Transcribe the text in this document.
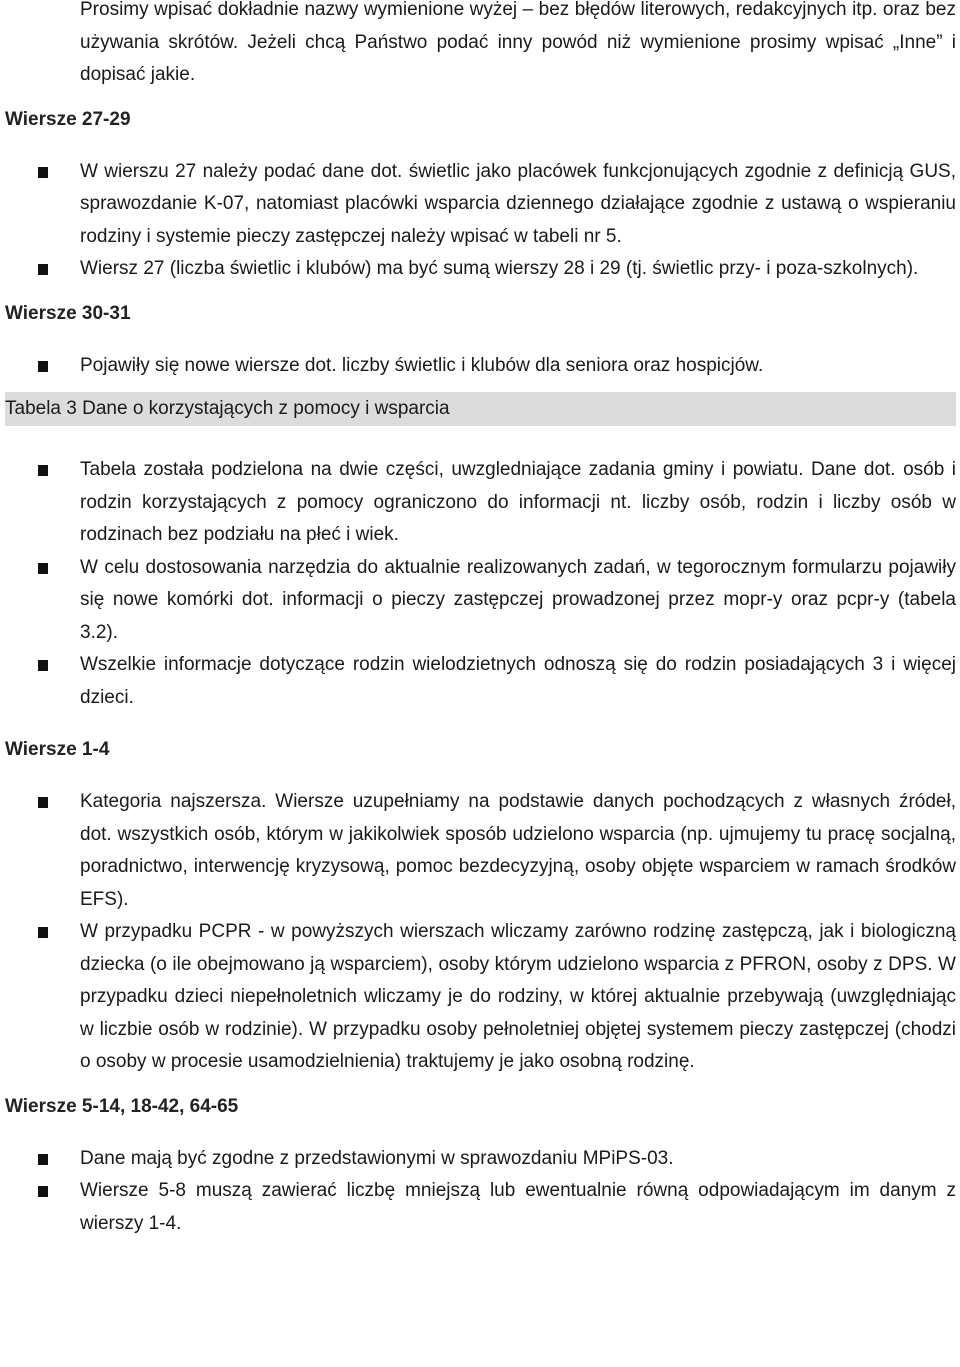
Prosimy wpisać dokładnie nazwy wymienione wyżej – bez błędów literowych, redakcyjnych itp. oraz bez używania skrótów. Jeżeli chcą Państwo podać inny powód niż wymienione prosimy wpisać „Inne” i dopisać jakie.

Wiersze 27-29

W wierszu 27 należy podać dane dot. świetlic jako placówek funkcjonujących zgodnie z definicją GUS, sprawozdanie K-07, natomiast placówki wsparcia dziennego działające zgodnie z ustawą o wspieraniu rodziny i systemie pieczy zastępczej należy wpisać w tabeli nr 5.
Wiersz 27 (liczba świetlic i klubów) ma być sumą wierszy 28 i 29 (tj. świetlic przy- i poza-szkolnych).

Wiersze 30-31

Pojawiły się nowe wiersze dot. liczby świetlic i klubów dla seniora oraz hospicjów.
Tabela 3 Dane o korzystających z pomocy i wsparcia
Tabela została podzielona na dwie części, uwzgledniające zadania gminy i powiatu. Dane dot. osób i rodzin korzystających z pomocy ograniczono do informacji nt. liczby osób, rodzin i liczby osób w rodzinach bez podziału na płeć i wiek.
W celu dostosowania narzędzia do aktualnie realizowanych zadań, w tegorocznym formularzu pojawiły się nowe komórki dot. informacji o pieczy zastępczej prowadzonej przez mopr-y oraz pcpr-y (tabela 3.2).
Wszelkie informacje dotyczące rodzin wielodzietnych odnoszą się do rodzin posiadających 3 i więcej dzieci.

Wiersze 1-4

Kategoria najszersza. Wiersze uzupełniamy na podstawie danych pochodzących z własnych źródeł, dot. wszystkich osób, którym w jakikolwiek sposób udzielono wsparcia (np. ujmujemy tu pracę socjalną, poradnictwo, interwencję kryzysową, pomoc bezdecyzyjną, osoby objęte wsparciem w ramach środków EFS).
W przypadku PCPR - w powyższych wierszach wliczamy zarówno rodzinę zastępczą, jak i biologiczną dziecka (o ile obejmowano ją wsparciem), osoby którym udzielono wsparcia z PFRON, osoby z DPS. W przypadku dzieci niepełnoletnich wliczamy je do rodziny, w której aktualnie przebywają (uwzględniając w liczbie osób w rodzinie). W przypadku osoby pełnoletniej objętej systemem pieczy zastępczej (chodzi o osoby w procesie usamodzielnienia) traktujemy je jako osobną rodzinę.

Wiersze 5-14, 18-42, 64-65

Dane mają być zgodne z przedstawionymi w sprawozdaniu MPiPS-03.
Wiersze 5-8 muszą zawierać liczbę mniejszą lub ewentualnie równą odpowiadającym im danym z wierszy 1-4.
